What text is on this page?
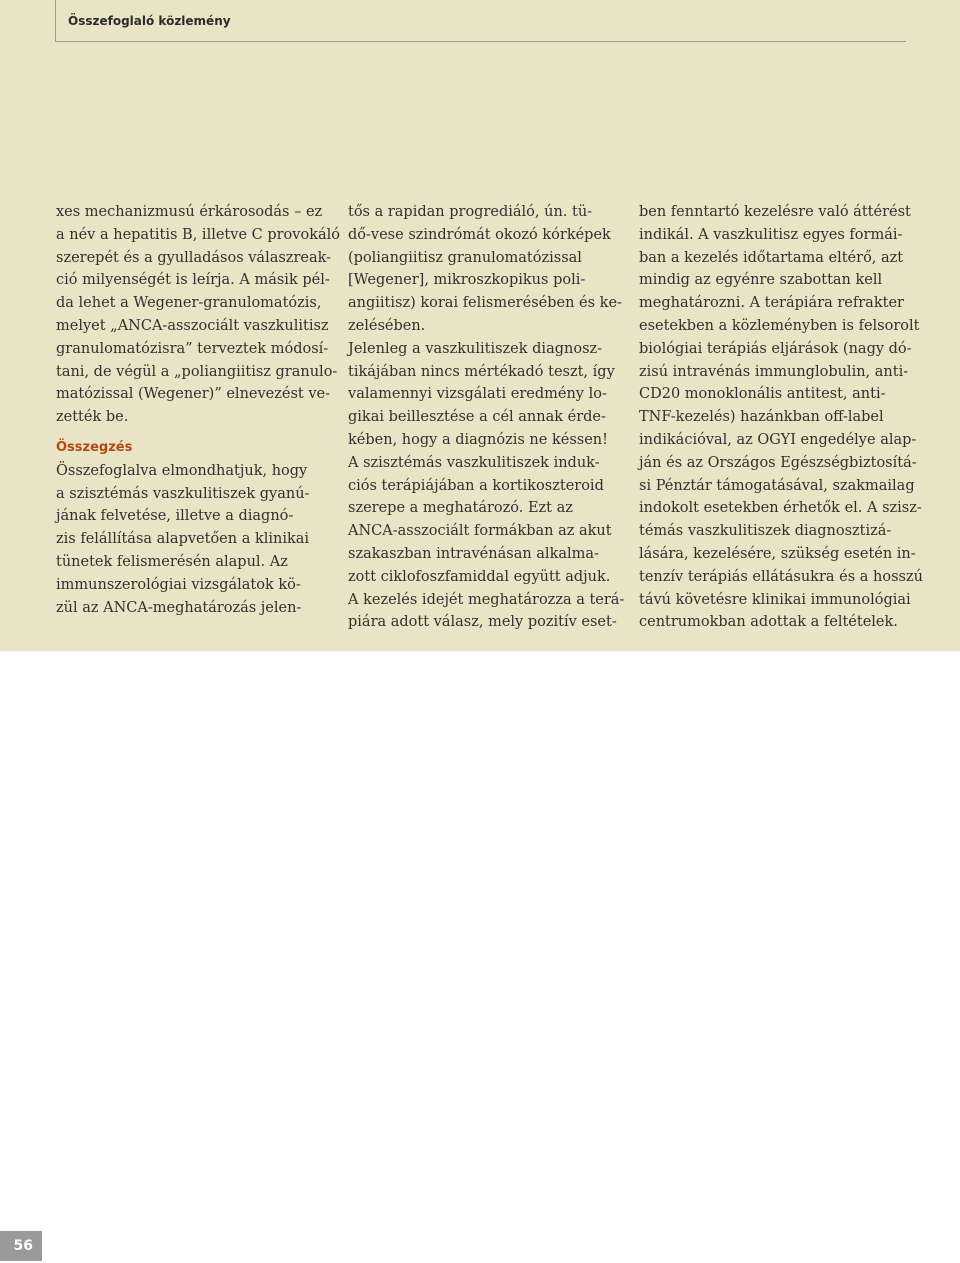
Összefoglaló közlemény
xes mechanizmusú érkárosodás – ez
a név a hepatitis B, illetve C provokáló
szerepét és a gyulladásos válaszreak-
ció milyenségét is leírja. A másik pél-
da lehet a Wegener-granulomatózis,
melyet „ANCA-asszociált vaszkulitisz
granulomatózisra” terveztek módosí-
tani, de végül a „poliangiitisz granulo-
matózissal (Wegener)” elnevezést ve-
zették be.
Összegzés
Összefoglalva elmondhatjuk, hogy
a szisztémás vaszkulitiszek gyanú-
jának felvetése, illetve a diagnó-
zis felállítása alapvetően a klinikai
tünetek felismerésén alapul. Az
immunszerológiai vizsgálatok kö-
zül az ANCA-meghatározás jelen-
tős a rapidan progrediáló, ún. tü-
dő-vese szindrómát okozó kórképek
(poliangiitisz granulomatózissal
[Wegener], mikroszkopikus poli-
angiitisz) korai felismerésében és ke-
zelésében.
Jelenleg a vaszkulitiszek diagnosz-
tikájában nincs mértékadó teszt, így
valamennyi vizsgálati eredmény lo-
gikai beillesztése a cél annak érde-
kében, hogy a diagnózis ne késsen!
A szisztémás vaszkulitiszek induk-
ciós terápiájában a kortikoszteroid
szerepe a meghatározó. Ezt az
ANCA-asszociált formákban az akut
szakaszban intravénásan alkalma-
zott ciklofoszfamiddal együtt adjuk.
A kezelés idejét meghatározza a terá-
piára adott válasz, mely pozitív eset-
ben fenntartó kezelésre való áttérést
indikál. A vaszkulitisz egyes formái-
ban a kezelés időtartama eltérő, azt
mindig az egyénre szabottan kell
meghatározni. A terápiára refrakter
esetekben a közleményben is felsorolt
biológiai terápiás eljárások (nagy dó-
zisú intravénás immunglobulin, anti-
CD20 monoklonális antitest, anti-
TNF-kezelés) hazánkban off-label
indikációval, az OGYI engedélye alap-
ján és az Országos Egészségbiztosítá-
si Pénztár támogatásával, szakmailag
indokolt esetekben érhetők el. A szisz-
témás vaszkulitiszek diagnosztizá-
lására, kezelésére, szükség esetén in-
tenzív terápiás ellátásukra és a hosszú
távú követésre klinikai immunológiai
centrumokban adottak a feltételek.
56
